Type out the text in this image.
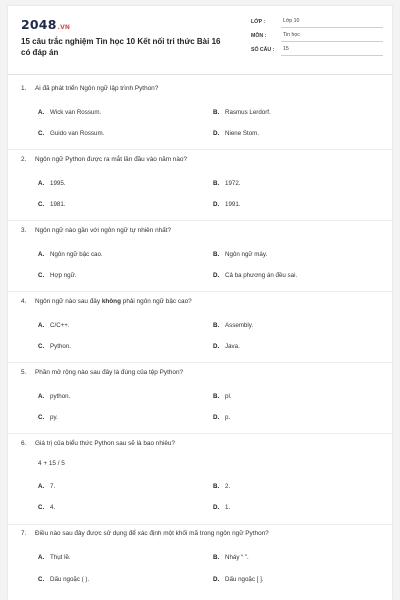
2048.VN
15 câu trắc nghiệm Tin học 10 Kết nối tri thức Bài 16 có đáp án
LỚP :	Lớp 10
MÔN :	Tin học
SỐ CÂU :	15
1. Ai đã phát triển Ngôn ngữ lập trình Python?
A. Wick van Rossum.	B. Rasmus Lerdorf.
C. Guido van Rossum.	D. Niene Stom.
2. Ngôn ngữ Python được ra mắt lần đầu vào năm nào?
A. 1995.	B. 1972.
C. 1981.	D. 1991.
3. Ngôn ngữ nào gần với ngôn ngữ tự nhiên nhất?
A. Ngôn ngữ bậc cao.	B. Ngôn ngữ máy.
C. Hợp ngữ.	D. Cả ba phương án đều sai.
4. Ngôn ngữ nào sau đây không phải ngôn ngữ bậc cao?
A. C/C++.	B. Assembly.
C. Python.	D. Java.
5. Phần mở rộng nào sau đây là đúng của tệp Python?
A. python.	B. pl.
C. py.	D. p.
6. Giá trị của biểu thức Python sau sẽ là bao nhiêu?
4 + 15 / 5
A. 7.	B. 2.
C. 4.	D. 1.
7. Điều nào sau đây được sử dụng để xác định một khối mã trong ngôn ngữ Python?
A. Thụt lề.	B. Nháy “ ”.
C. Dấu ngoặc ( ).	D. Dấu ngoặc [ ].
